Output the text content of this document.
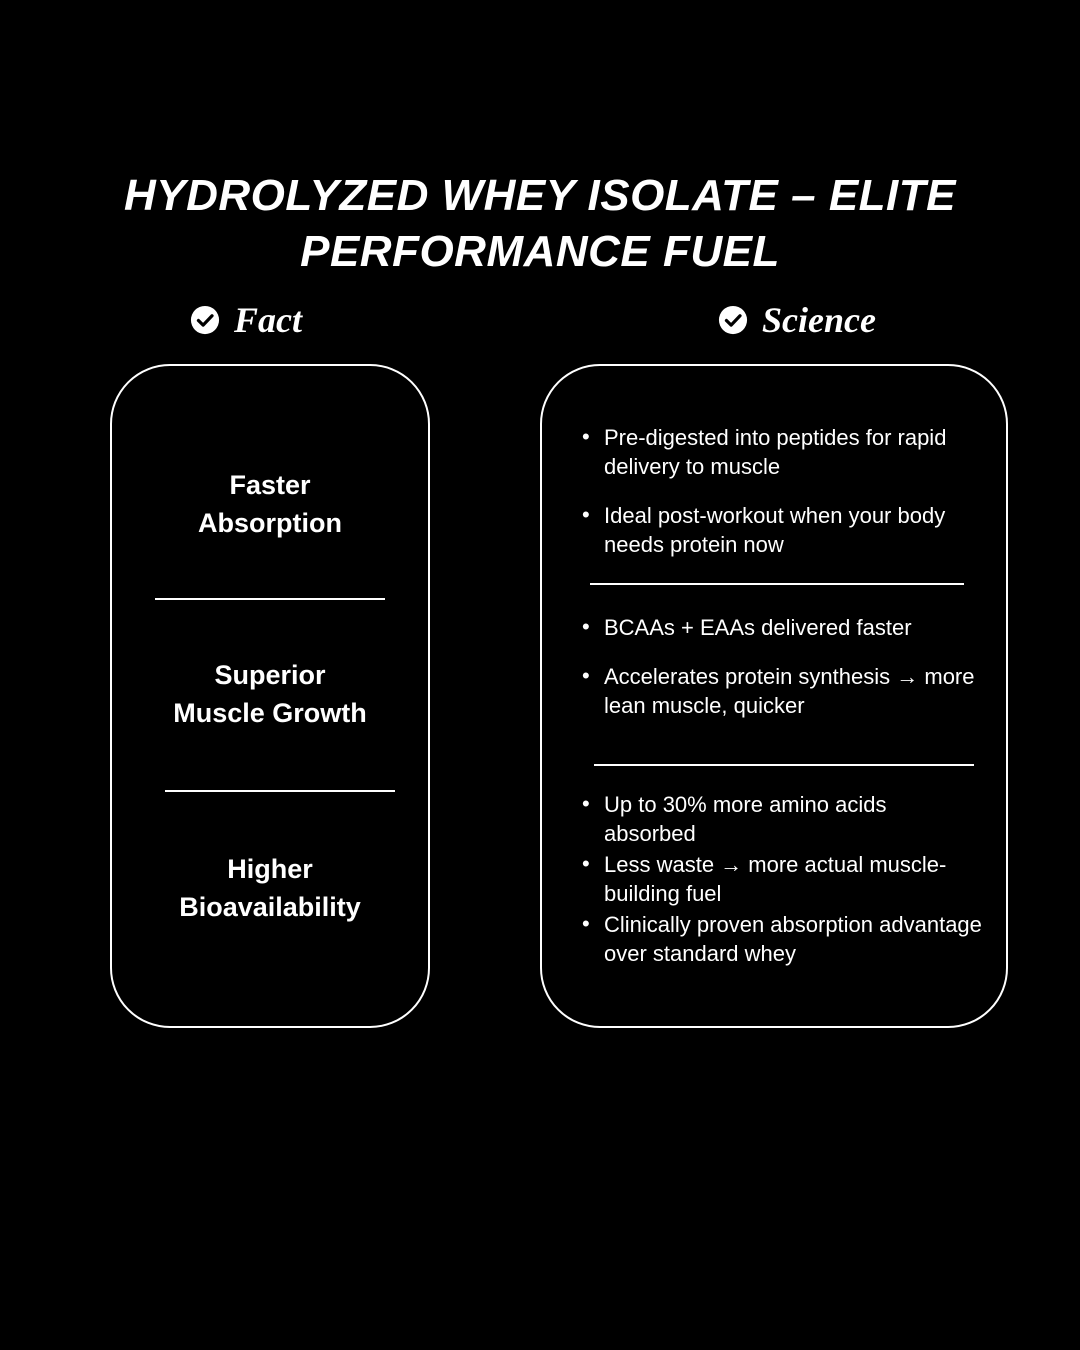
HYDROLYZED WHEY ISOLATE – ELITE PERFORMANCE FUEL
Fact	Science
Faster
Absorption
Superior
Muscle Growth
Higher
Bioavailability
• Pre-digested into peptides for rapid delivery to muscle
• Ideal post-workout when your body needs protein now
• BCAAs + EAAs delivered faster
• Accelerates protein synthesis → more lean muscle, quicker
• Up to 30% more amino acids absorbed
• Less waste → more actual muscle-building fuel
• Clinically proven absorption advantage over standard whey
